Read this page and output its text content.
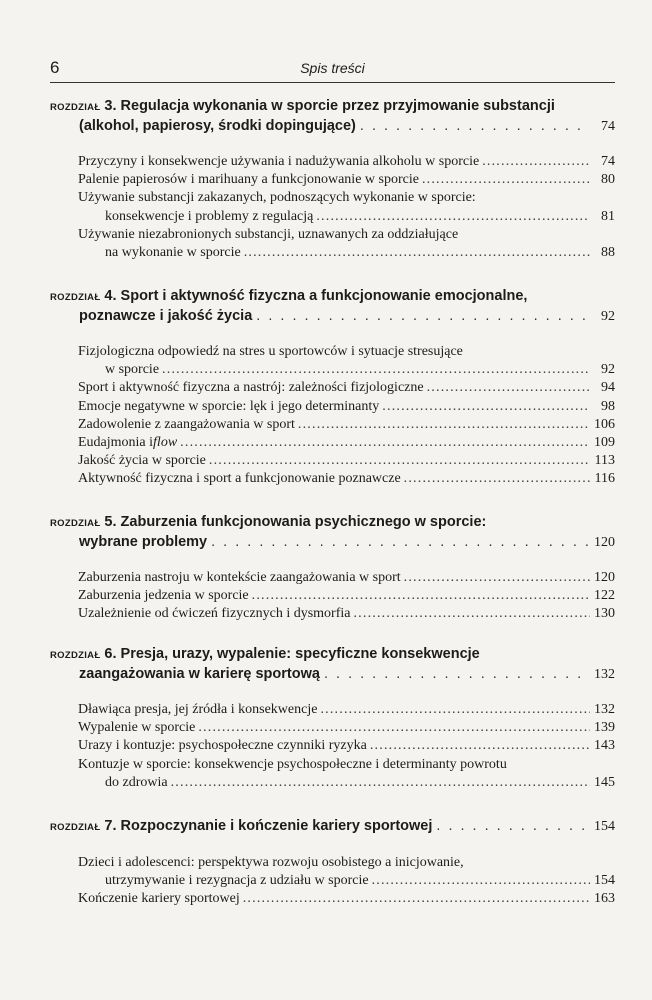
6	Spis treści
ROZDZIAŁ 3. Regulacja wykonania w sporcie przez przyjmowanie substancji
(alkohol, papierosy, środki dopingujące) . . .	74
Przyczyny i konsekwencje używania i nadużywania alkoholu w sporcie .....	74
Palenie papierosów i marihuany a funkcjonowanie w sporcie .....	80
Używanie substancji zakazanych, podnoszących wykonanie w sporcie:
konsekwencje i problemy z regulacją .....	81
Używanie niezabronionych substancji, uznawanych za oddziałujące
na wykonanie w sporcie .....	88
ROZDZIAŁ 4. Sport i aktywność fizyczna a funkcjonowanie emocjonalne,
poznawcze i jakość życia . . .	92
Fizjologiczna odpowiedź na stres u sportowców i sytuacje stresujące
w sporcie .....	92
Sport i aktywność fizyczna a nastrój: zależności fizjologiczne .....	94
Emocje negatywne w sporcie: lęk i jego determinanty .....	98
Zadowolenie z zaangażowania w sport .....	106
Eudajmonia i flow .....	109
Jakość życia w sporcie .....	113
Aktywność fizyczna i sport a funkcjonowanie poznawcze .....	116
ROZDZIAŁ 5. Zaburzenia funkcjonowania psychicznego w sporcie:
wybrane problemy . . .	120
Zaburzenia nastroju w kontekście zaangażowania w sport .....	120
Zaburzenia jedzenia w sporcie .....	122
Uzależnienie od ćwiczeń fizycznych i dysmorfia .....	130
ROZDZIAŁ 6. Presja, urazy, wypalenie: specyficzne konsekwencje
zaangażowania w karierę sportową . . .	132
Dławiąca presja, jej źródła i konsekwencje .....	132
Wypalenie w sporcie .....	139
Urazy i kontuzje: psychospołeczne czynniki ryzyka .....	143
Kontuzje w sporcie: konsekwencje psychospołeczne i determinanty powrotu
do zdrowia .....	145
ROZDZIAŁ 7. Rozpoczynanie i kończenie kariery sportowej . . .	154
Dzieci i adolescenci: perspektywa rozwoju osobistego a inicjowanie,
utrzymywanie i rezygnacja z udziału w sporcie .....	154
Kończenie kariery sportowej .....	163
